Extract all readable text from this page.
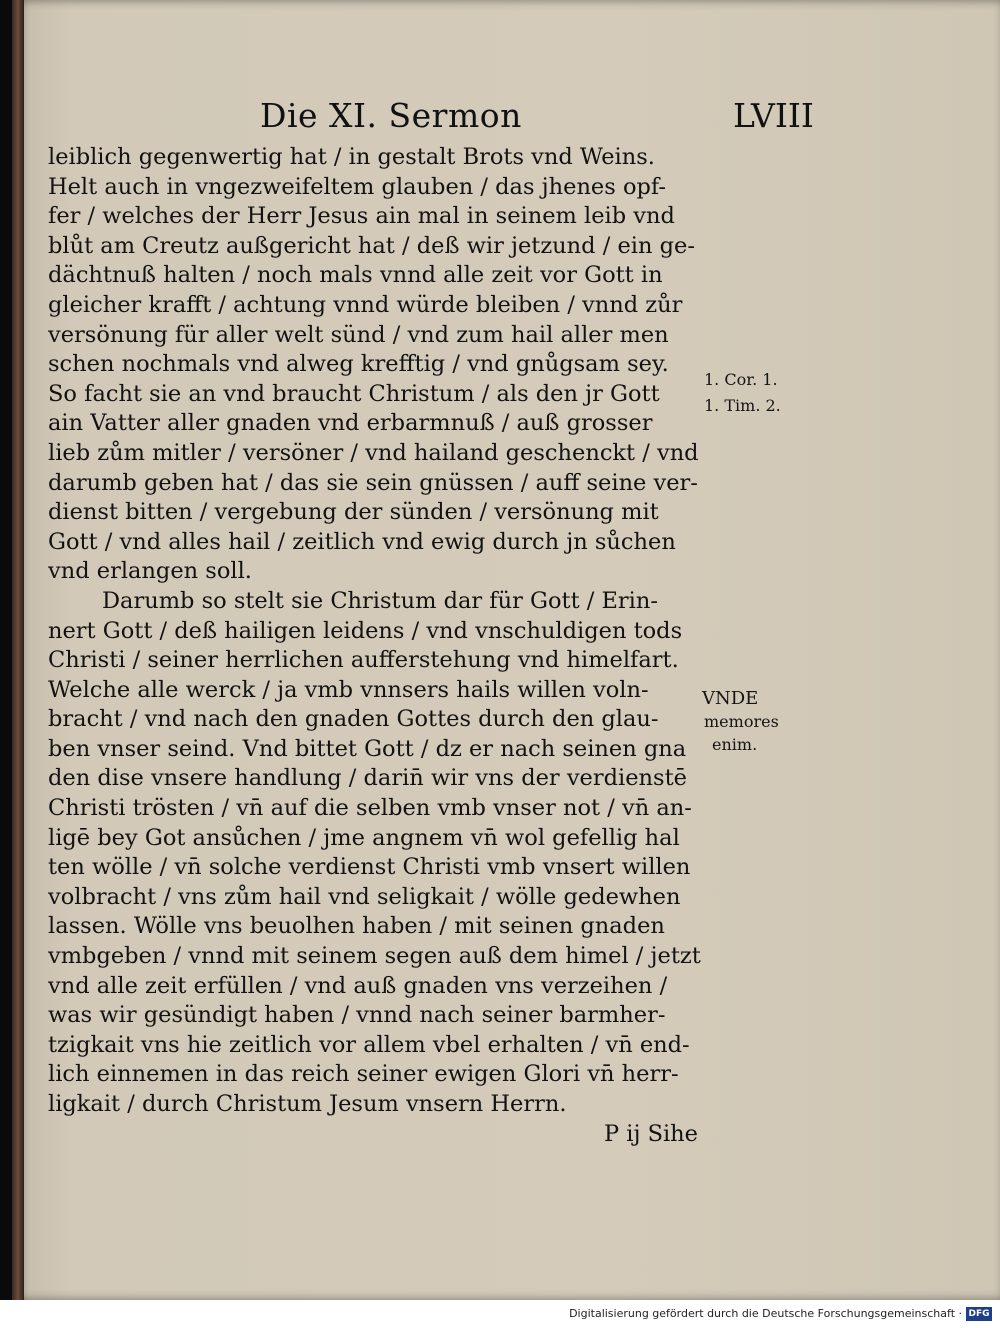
Die XI. Sermon	LVIII
leiblich gegenwertig hat / in gestalt Brots vnd Weins.
Helt auch in vngezweifeltem glauben / das jhenes opf-
fer / welches der Herr Jesus ain mal in seinem leib vnd
blůt am Creutz außgericht hat / deß wir jetzund / ein ge-
dächtnuß halten / noch mals vnnd alle zeit vor Gott in
gleicher krafft / achtung vnnd würde bleiben / vnnd zůr
versönung für aller welt sünd / vnd zum hail aller men
schen nochmals vnd alweg krefftig / vnd gnůgsam sey.
So facht sie an vnd braucht Christum / als den jr Gott
ain Vatter aller gnaden vnd erbarmnuß / auß grosser
lieb zům mitler / versöner / vnd hailand geschenckt / vnd
darumb geben hat / das sie sein gnüssen / auff seine ver-
dienst bitten / vergebung der sünden / versönung mit
Gott / vnd alles hail / zeitlich vnd ewig durch jn sůchen
vnd erlangen soll.
Darumb so stelt sie Christum dar für Gott / Erin-
nert Gott / deß hailigen leidens / vnd vnschuldigen tods
Christi / seiner herrlichen aufferstehung vnd himelfart.
Welche alle werck / ja vmb vnnsers hails willen voln-
bracht / vnd nach den gnaden Gottes durch den glau-
ben vnser seind. Vnd bittet Gott / dz er nach seinen gna
den dise vnsere handlung / darin̄ wir vns der verdienstē
Christi trösten / vn̄ auf die selben vmb vnser not / vn̄ an-
ligē bey Got ansůchen / jme angnem vn̄ wol gefellig hal
ten wölle / vn̄ solche verdienst Christi vmb vnsert willen
volbracht / vns zům hail vnd seligkait / wölle gedewhen
lassen. Wölle vns beuolhen haben / mit seinen gnaden
vmbgeben / vnnd mit seinem segen auß dem himel / jetzt
vnd alle zeit erfüllen / vnd auß gnaden vns verzeihen /
was wir gesündigt haben / vnnd nach seiner barmher-
tzigkait vns hie zeitlich vor allem vbel erhalten / vn̄ end-
lich einnemen in das reich seiner ewigen Glori vn̄ herr-
ligkait / durch Christum Jesum vnsern Herrn.
P ij Sihe
1. Cor. 1.
1. Tim. 2.
VNDE
memores
enim.
Digitalisierung gefördert durch die Deutsche Forschungsgemeinschaft · DFG
